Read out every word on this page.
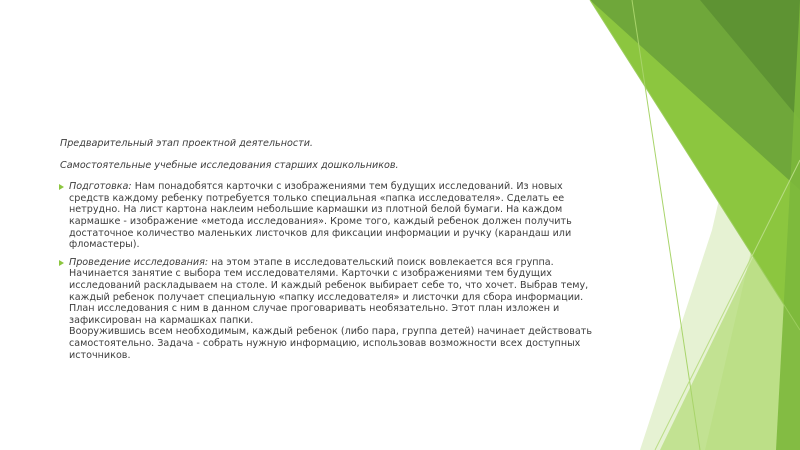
Предварительный этап проектной деятельности.
Самостоятельные учебные исследования старших дошкольников.
Подготовка: Нам понадобятся карточки с изображениями тем будущих исследований. Из новых средств каждому ребенку потребуется только специальная «папка исследователя». Сделать ее нетрудно. На лист картона наклеим небольшие кармашки из плотной белой бумаги. На каждом кармашке - изображение «метода исследования». Кроме того, каждый ребенок должен получить достаточное количество маленьких листочков для фиксации информации и ручку (карандаш или фломастеры).
Проведение исследования: на этом этапе в исследовательский поиск вовлекается вся группа. Начинается занятие с выбора тем исследователями. Карточки с изображениями тем будущих исследований раскладываем на столе. И каждый ребенок выбирает себе то, что хочет. Выбрав тему, каждый ребенок получает специальную «папку исследователя» и листочки для сбора информации. План исследования с ним в данном случае проговаривать необязательно. Этот план изложен и зафиксирован на кармашках папки.
Вооружившись всем необходимым, каждый ребенок (либо пара, группа детей) начинает действовать самостоятельно. Задача - собрать нужную информацию, использовав возможности всех доступных источников.
